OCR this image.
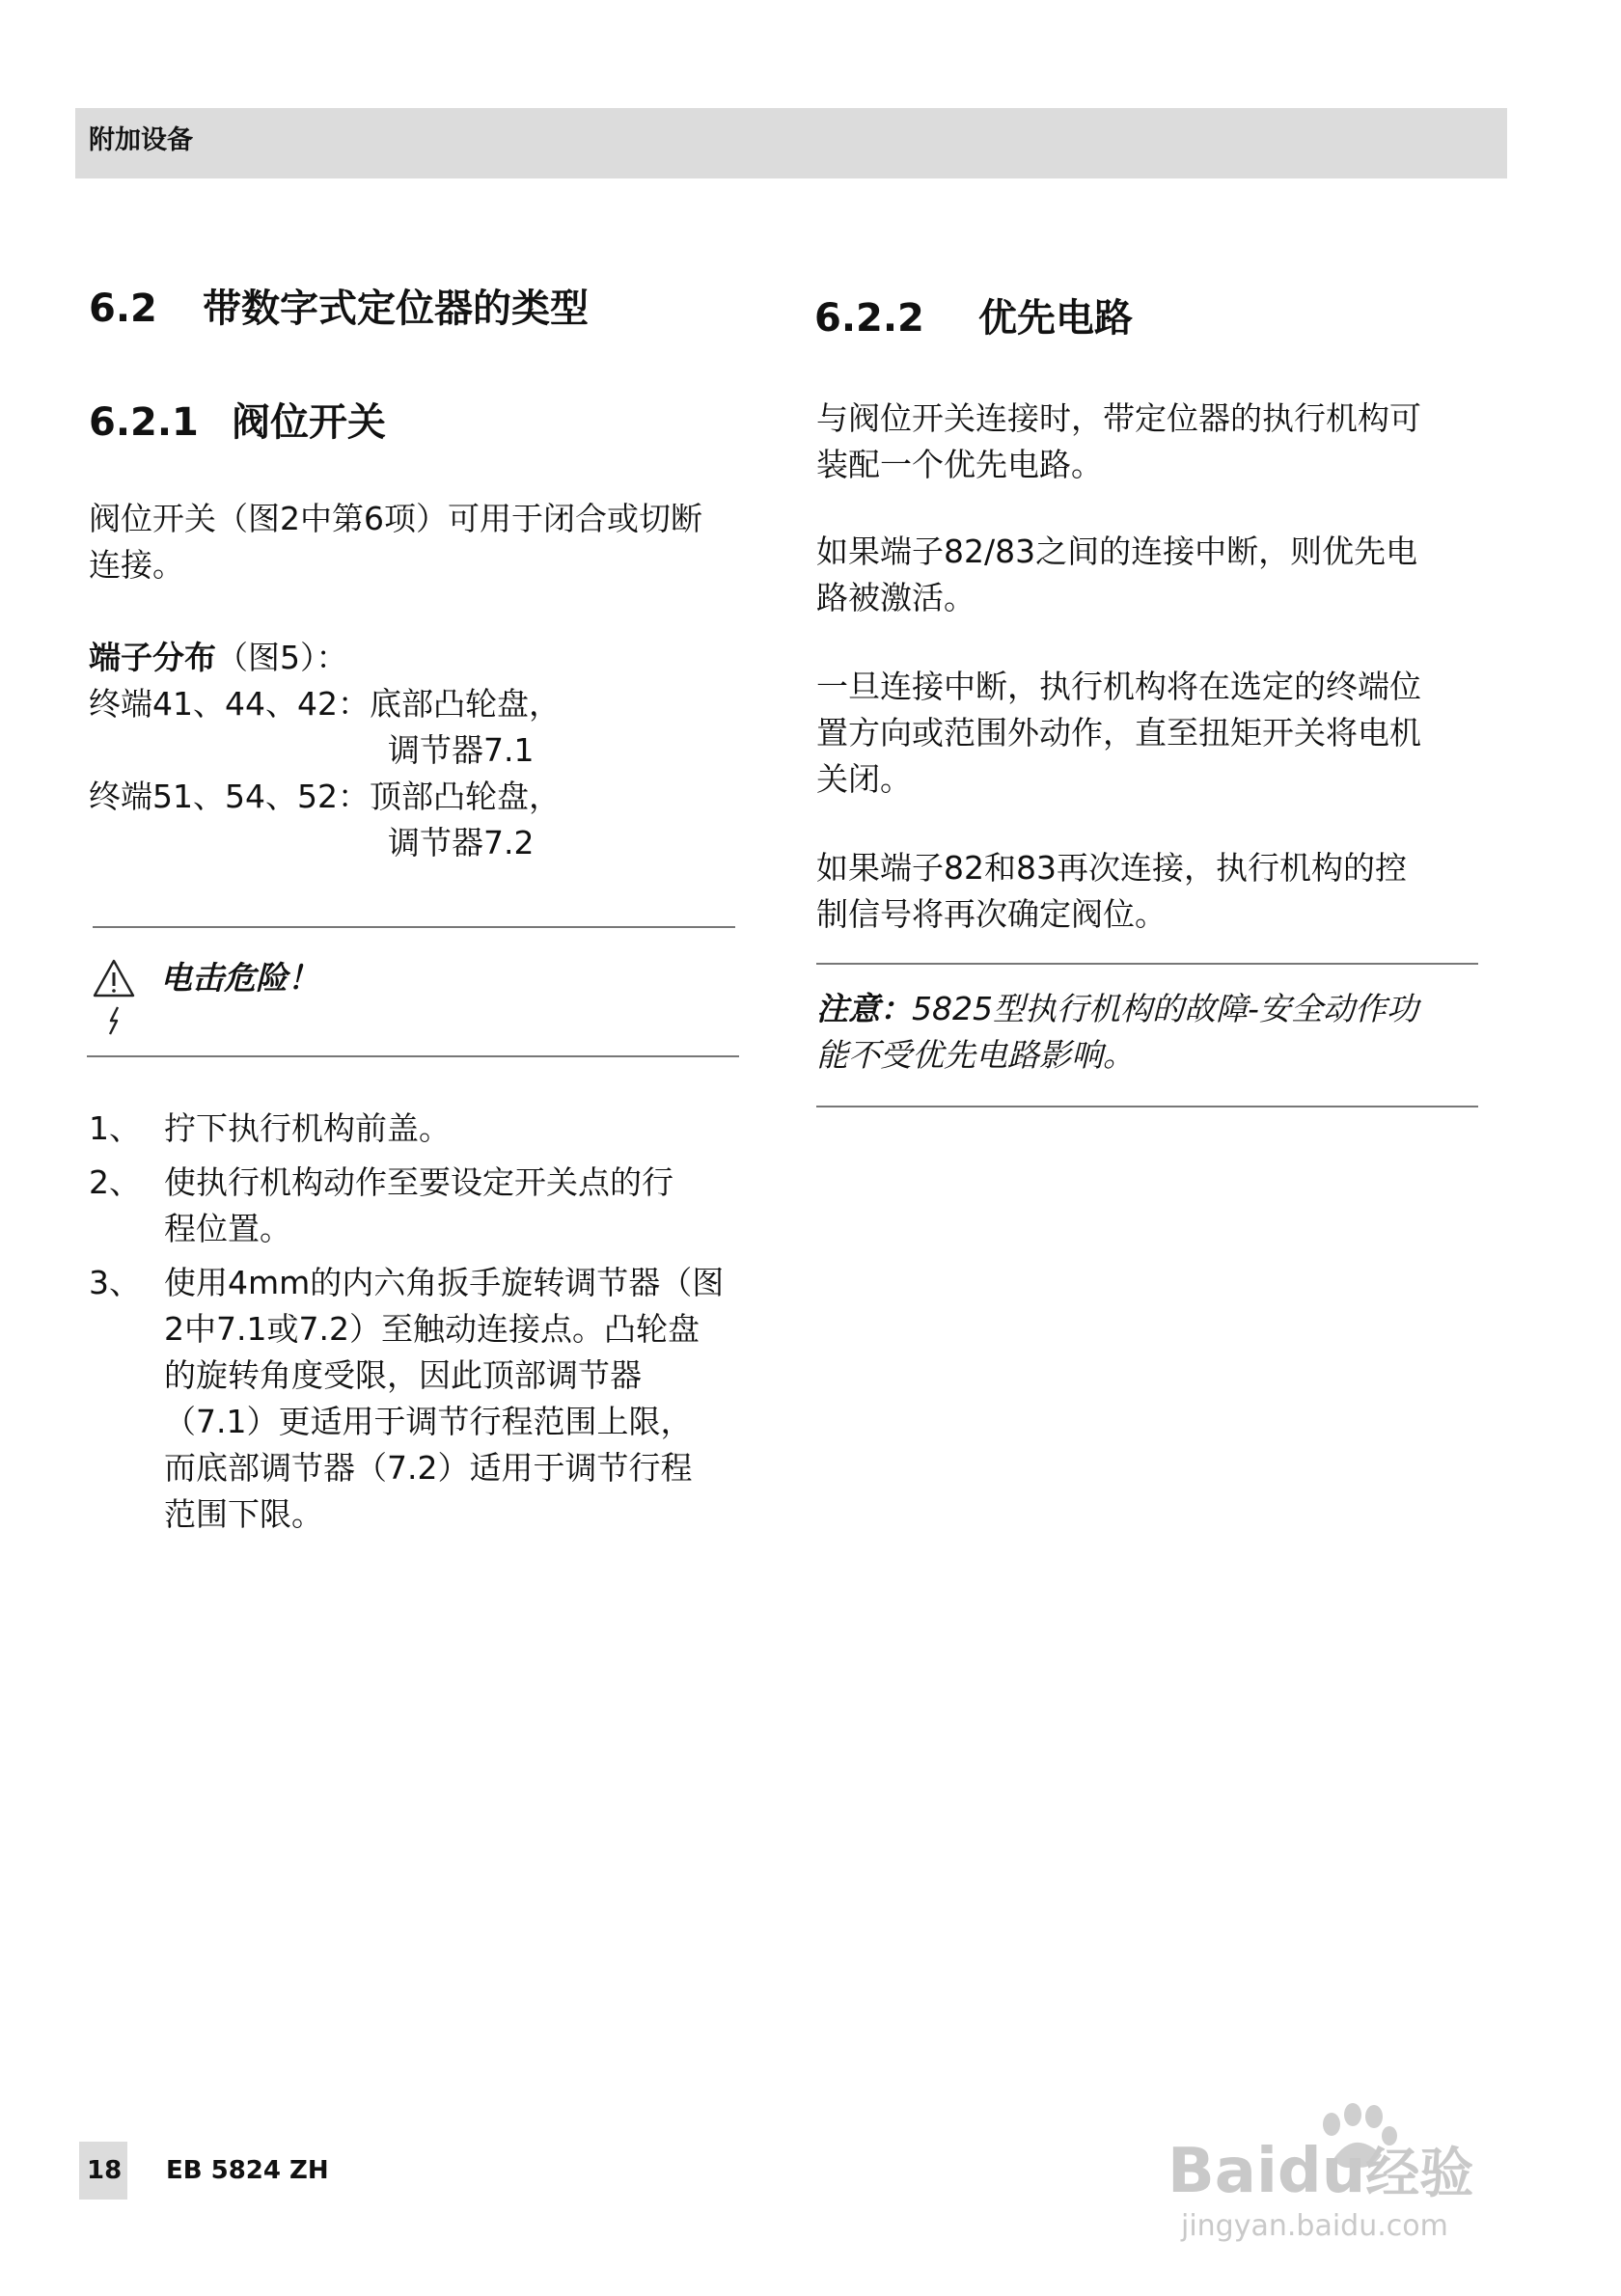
附加设备
6.2 带数字式定位器的类型
6.2.1 阀位开关
阀位开关（图2中第6项）可用于闭合或切断
连接。
端子分布（图5）：
终端41、44、42：底部凸轮盘，
调节器7.1
终端51、54、52：顶部凸轮盘，
调节器7.2
电击危险！
1、 拧下执行机构前盖。
2、 使执行机构动作至要设定开关点的行
程位置。
3、 使用4mm的内六角扳手旋转调节器（图
2中7.1或7.2）至触动连接点。凸轮盘
的旋转角度受限，因此顶部调节器
（7.1）更适用于调节行程范围上限，
而底部调节器（7.2）适用于调节行程
范围下限。
6.2.2 优先电路
与阀位开关连接时，带定位器的执行机构可
装配一个优先电路。
如果端子82/83之间的连接中断，则优先电
路被激活。
一旦连接中断，执行机构将在选定的终端位
置方向或范围外动作，直至扭矩开关将电机
关闭。
如果端子82和83再次连接，执行机构的控
制信号将再次确定阀位。
注意：5825型执行机构的故障-安全动作功
能不受优先电路影响。
18 EB 5824 ZH	Baidu经验
jingyan.baidu.com
